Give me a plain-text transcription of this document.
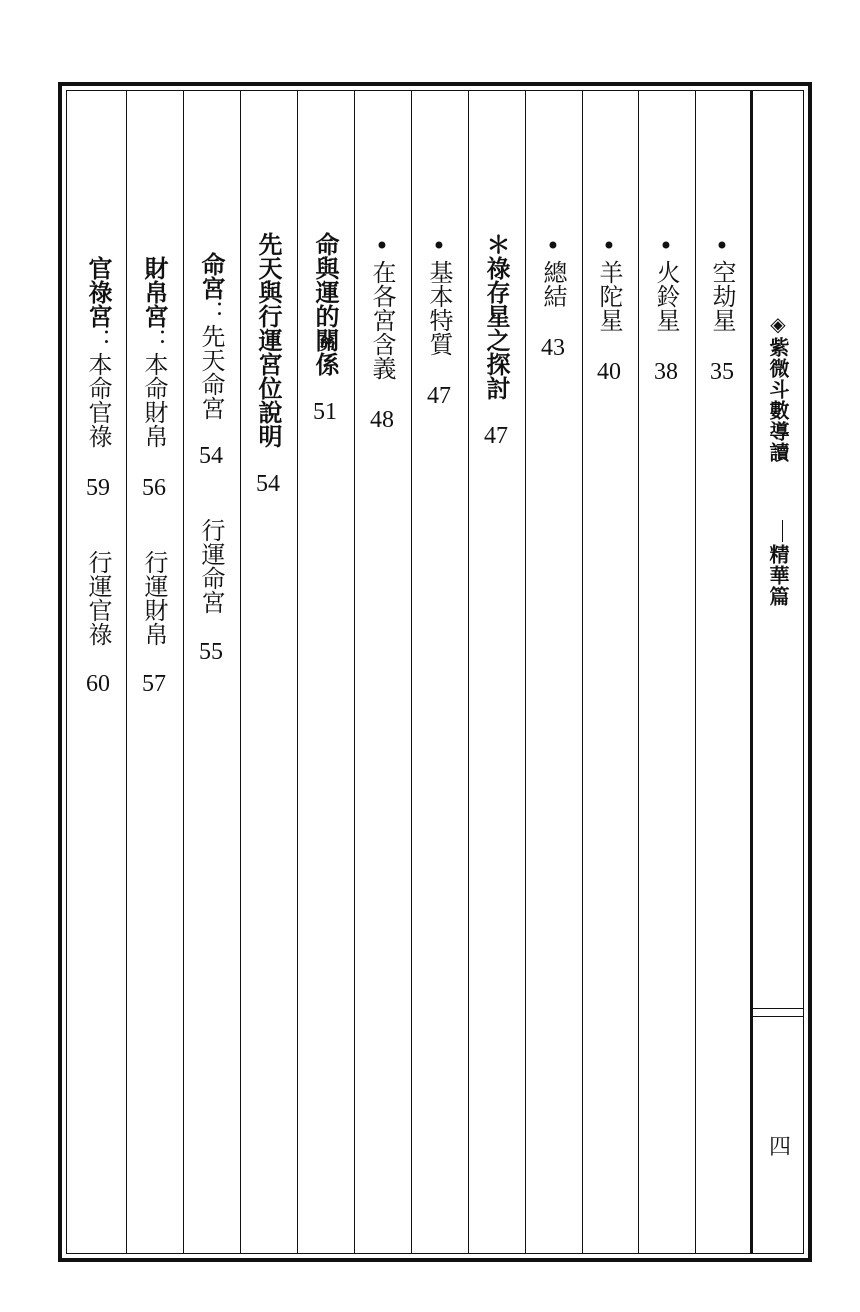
◈紫微斗數導讀
精華篇
四
•空劫星35
•火鈴星38
•羊陀星40
•總結43
＊祿存星之探討47
•基本特質47
•在各宮含義48
命與運的關係51
先天與行運宮位說明54
命宮：先天命宮54行運命宮55
財帛宮：本命財帛56行運財帛57
官祿宮：本命官祿59行運官祿60
